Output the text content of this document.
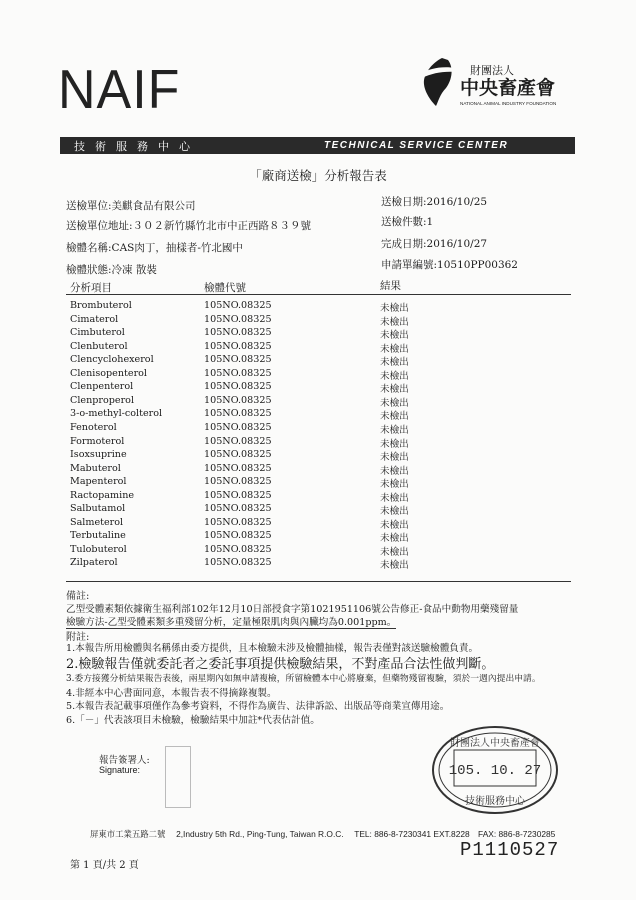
NAIF	財團法人
中央畜產會
NATIONAL ANIMAL INDUSTRY FOUNDATION
技術服務中心	TECHNICAL SERVICE CENTER
「廠商送檢」分析報告表
送檢單位:美麒食品有限公司
送檢單位地址:３０２新竹縣竹北市中正西路８３９號
檢體名稱:CAS肉丁，抽樣者-竹北國中
檢體狀態:冷凍 散裝
送檢日期:2016/10/25
送檢件數:1
完成日期:2016/10/27
申請單編號:10510PP00362
分析項目	檢體代號	結果
Brombuterol	105NO.08325	未檢出
Cimaterol	105NO.08325	未檢出
Cimbuterol	105NO.08325	未檢出
Clenbuterol	105NO.08325	未檢出
Clencyclohexerol	105NO.08325	未檢出
Clenisopenterol	105NO.08325	未檢出
Clenpenterol	105NO.08325	未檢出
Clenproperol	105NO.08325	未檢出
3-o-methyl-colterol	105NO.08325	未檢出
Fenoterol	105NO.08325	未檢出
Formoterol	105NO.08325	未檢出
Isoxsuprine	105NO.08325	未檢出
Mabuterol	105NO.08325	未檢出
Mapenterol	105NO.08325	未檢出
Ractopamine	105NO.08325	未檢出
Salbutamol	105NO.08325	未檢出
Salmeterol	105NO.08325	未檢出
Terbutaline	105NO.08325	未檢出
Tulobuterol	105NO.08325	未檢出
Zilpaterol	105NO.08325	未檢出
備註:
乙型受體素類依據衛生福利部102年12月10日部授食字第1021951106號公告修正-食品中動物用藥殘留量
檢驗方法-乙型受體素類多重殘留分析，定量極限肌肉與內臟均為0.001ppm。
附註:
1.本報告所用檢體與名稱係由委方提供，且本檢驗未涉及檢體抽樣，報告表僅對該送驗檢體負責。
2.檢驗報告僅就委託者之委託事項提供檢驗結果，不對產品合法性做判斷。
3.委方接獲分析結果報告表後，兩星期內如無申請複檢，所留檢體本中心將廢棄，但藥物殘留複驗，須於一週內提出申請。
4.非經本中心書面同意，本報告表不得摘錄複製。
5.本報告表記載事項僅作為參考資料，不得作為廣告、法律訴訟、出版品等商業宣傳用途。
6.「－」代表該項目未檢驗，檢驗結果中加註*代表估計值。
報告簽署人:
Signature:
財團法人中央畜產會
105. 10. 27
技術服務中心
屏東市工業五路二號　 2,Industry 5th Rd., Ping-Tung, Taiwan R.O.C.　 TEL: 886-8-7230341 EXT.8228　FAX: 886-8-7230285
P1110527
第 1 頁/共 2 頁
